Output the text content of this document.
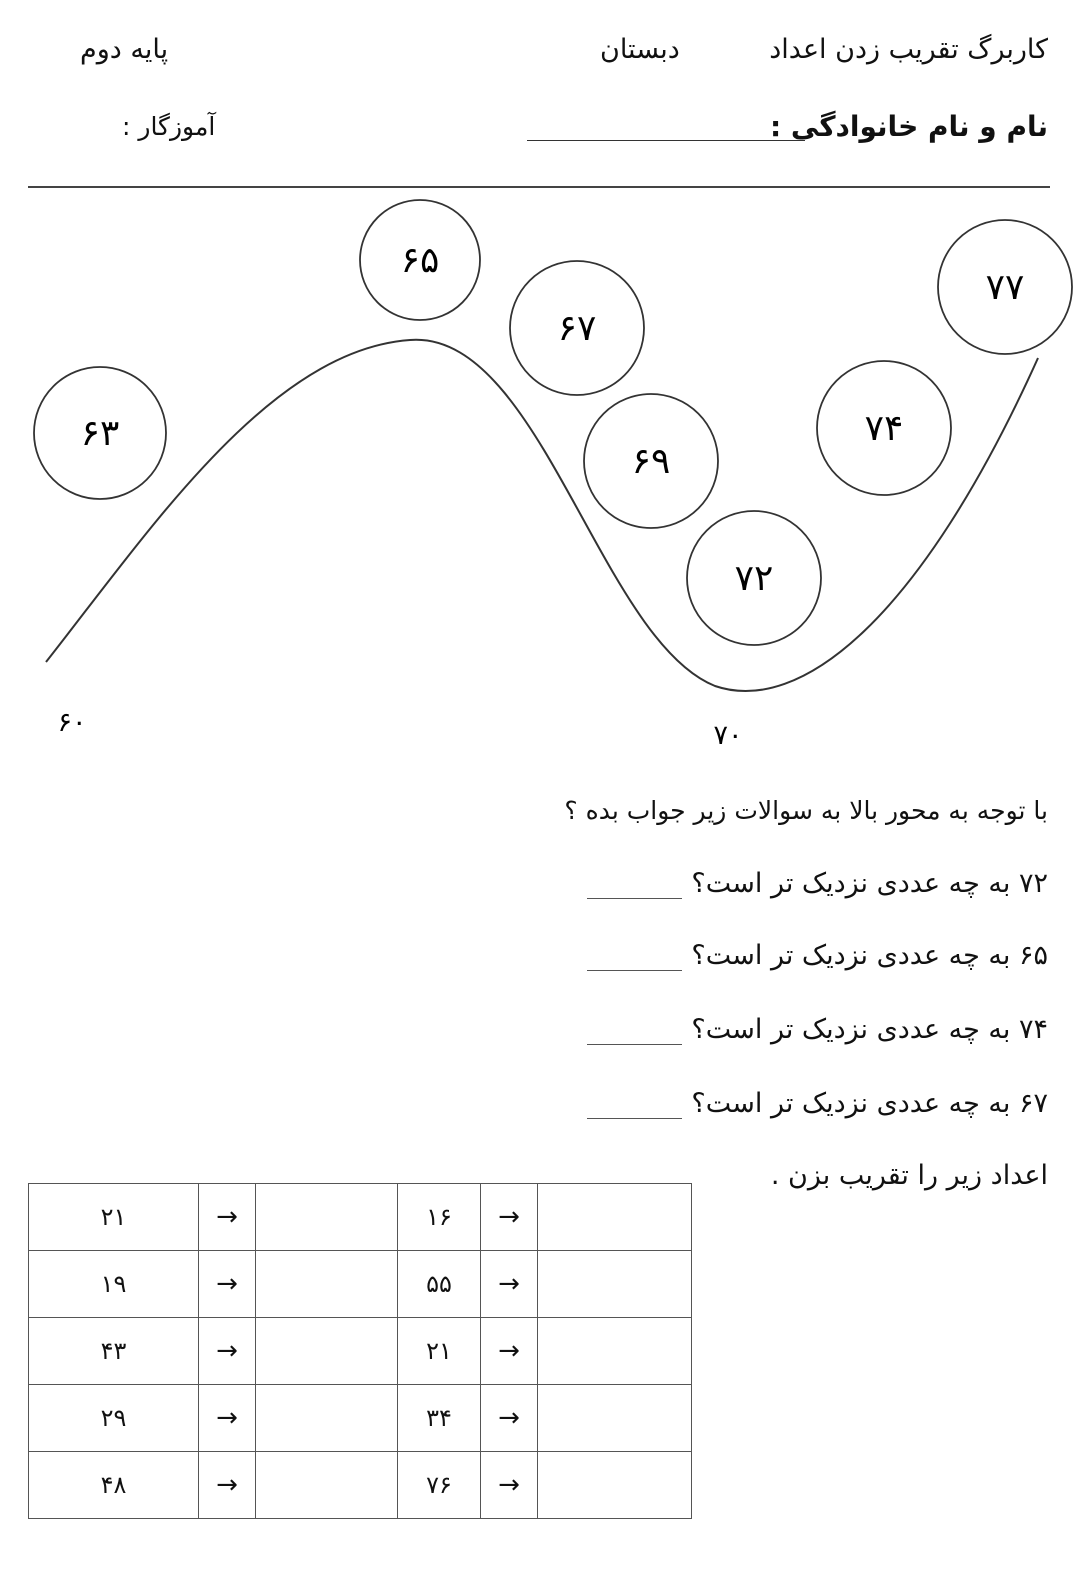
کاربرگ تقریب زدن اعداد
دبستان
پایه دوم
نام و نام خانوادگی :
آموزگار :
۶۳
۶۵
۶۷
۶۹
۷۲
۷۴
۷۷
۶۰	۷۰
با توجه به محور بالا به سوالات زیر جواب بده ؟
۷۲ به چه عددی نزدیک تر است؟
۶۵ به چه عددی نزدیک تر است؟
۷۴ به چه عددی نزدیک تر است؟
۶۷ به چه عددی نزدیک تر است؟
اعداد زیر را تقریب بزن .
۲۱	→		۱۶	→	
۱۹	→		۵۵	→	
۴۳	→		۲۱	→	
۲۹	→		۳۴	→	
۴۸	→		۷۶	→	
